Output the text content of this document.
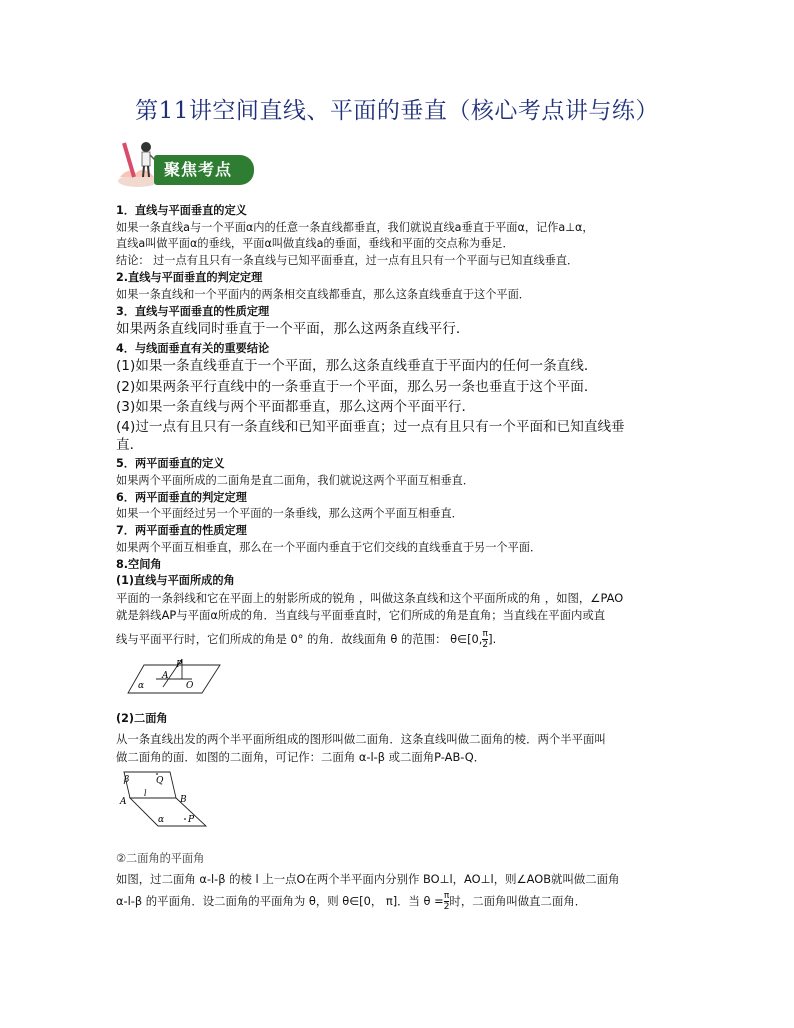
第11讲空间直线、平面的垂直（核心考点讲与练）
聚焦考点
1．直线与平面垂直的定义
如果一条直线a与一个平面α内的任意一条直线都垂直，我们就说直线a垂直于平面α，记作a⊥α，
直线a叫做平面α的垂线，平面α叫做直线a的垂面，垂线和平面的交点称为垂足．
结论： 过一点有且只有一条直线与已知平面垂直，过一点有且只有一个平面与已知直线垂直．
2.直线与平面垂直的判定定理
如果一条直线和一个平面内的两条相交直线都垂直，那么这条直线垂直于这个平面．
3．直线与平面垂直的性质定理
如果两条直线同时垂直于一个平面，那么这两条直线平行．
4．与线面垂直有关的重要结论
(1)如果一条直线垂直于一个平面，那么这条直线垂直于平面内的任何一条直线．
(2)如果两条平行直线中的一条垂直于一个平面，那么另一条也垂直于这个平面．
(3)如果一条直线与两个平面都垂直，那么这两个平面平行．
(4)过一点有且只有一条直线和已知平面垂直；过一点有且只有一个平面和已知直线垂
直．
5．两平面垂直的定义
如果两个平面所成的二面角是直二面角，我们就说这两个平面互相垂直．
6．两平面垂直的判定定理
如果一个平面经过另一个平面的一条垂线，那么这两个平面互相垂直．
7．两平面垂直的性质定理
如果两个平面互相垂直，那么在一个平面内垂直于它们交线的直线垂直于另一个平面．
8.空间角
(1)直线与平面所成的角
平面的一条斜线和它在平面上的射影所成的锐角 ，叫做这条直线和这个平面所成的角 ，如图，∠PAO
就是斜线AP与平面α所成的角．当直线与平面垂直时，它们所成的角是直角；当直线在平面内或直
线与平面平行时，它们所成的角是 0° 的角．故线面角 θ 的范围： θ∈[0, $\frac{\pi}{2}$ ].
P
A
O
α
(2)二面角
从一条直线出发的两个半平面所组成的图形叫做二面角．这条直线叫做二面角的棱．两个半平面叫
做二面角的面．如图的二面角，可记作：二面角 α-l-β 或二面角P-AB-Q．
β	Q
l
A	B
α	P
②二面角的平面角
如图，过二面角 α-l-β 的棱 l 上一点O在两个半平面内分别作 BO⊥l，AO⊥l，则∠AOB就叫做二面角
α-l-β 的平面角．设二面角的平面角为 θ，则 θ∈[0， π]．当 $\theta = \frac{\pi}{2}$ 时，二面角叫做直二面角．
